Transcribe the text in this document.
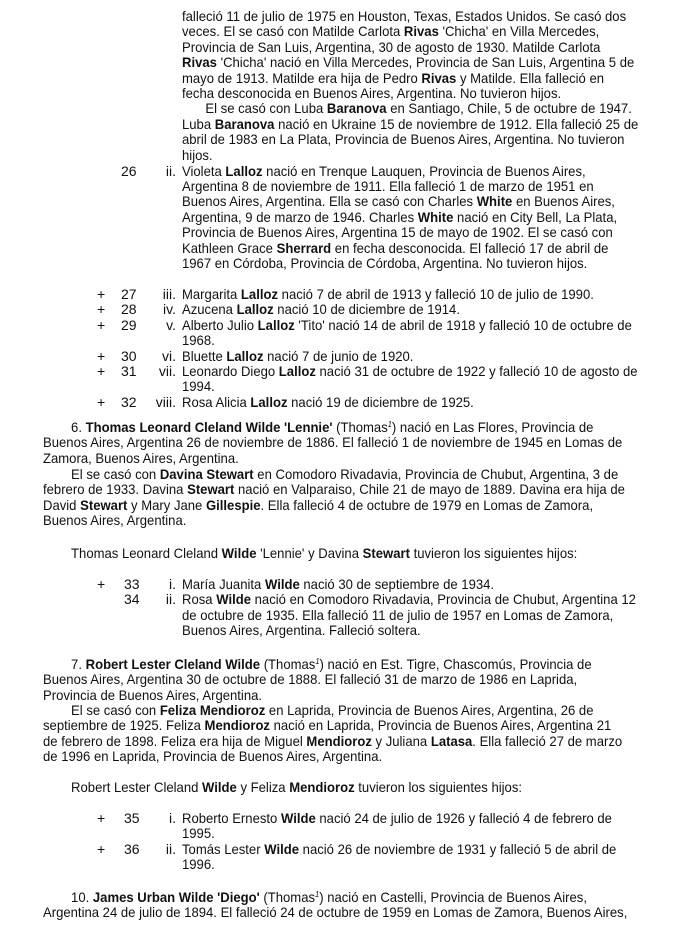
falleció 11 de julio de 1975 en Houston, Texas, Estados Unidos. Se casó dos
veces. El se casó con Matilde Carlota Rivas 'Chicha' en Villa Mercedes,
Provincia de San Luis, Argentina, 30 de agosto de 1930. Matilde Carlota
Rivas 'Chicha' nació en Villa Mercedes, Provincia de San Luis, Argentina 5 de
mayo de 1913. Matilde era hija de Pedro Rivas y Matilde. Ella falleció en
fecha desconocida en Buenos Aires, Argentina. No tuvieron hijos.
El se casó con Luba Baranova en Santiago, Chile, 5 de octubre de 1947.
Luba Baranova nació en Ukraine 15 de noviembre de 1912. Ella falleció 25 de
abril de 1983 en La Plata, Provincia de Buenos Aires, Argentina. No tuvieron
hijos.
26	ii. Violeta Lalloz nació en Trenque Lauquen, Provincia de Buenos Aires,
Argentina 8 de noviembre de 1911. Ella falleció 1 de marzo de 1951 en
Buenos Aires, Argentina. Ella se casó con Charles White en Buenos Aires,
Argentina, 9 de marzo de 1946. Charles White nació en City Bell, La Plata,
Provincia de Buenos Aires, Argentina 15 de mayo de 1902. El se casó con
Kathleen Grace Sherrard en fecha desconocida. El falleció 17 de abril de
1967 en Córdoba, Provincia de Córdoba, Argentina. No tuvieron hijos.
+ 27	iii. Margarita Lalloz nació 7 de abril de 1913 y falleció 10 de julio de 1990.
+ 28	iv. Azucena Lalloz nació 10 de diciembre de 1914.
+ 29	v. Alberto Julio Lalloz 'Tito' nació 14 de abril de 1918 y falleció 10 de octubre de
1968.
+ 30	vi. Bluette Lalloz nació 7 de junio de 1920.
+ 31	vii. Leonardo Diego Lalloz nació 31 de octubre de 1922 y falleció 10 de agosto de
1994.
+ 32	viii. Rosa Alicia Lalloz nació 19 de diciembre de 1925.
6. Thomas Leonard Cleland Wilde 'Lennie' (Thomas$^1$) nació en Las Flores, Provincia de
Buenos Aires, Argentina 26 de noviembre de 1886. El falleció 1 de noviembre de 1945 en Lomas de
Zamora, Buenos Aires, Argentina.
El se casó con Davina Stewart en Comodoro Rivadavia, Provincia de Chubut, Argentina, 3 de
febrero de 1933. Davina Stewart nació en Valparaiso, Chile 21 de mayo de 1889. Davina era hija de
David Stewart y Mary Jane Gillespie. Ella falleció 4 de octubre de 1979 en Lomas de Zamora,
Buenos Aires, Argentina.
Thomas Leonard Cleland Wilde 'Lennie' y Davina Stewart tuvieron los siguientes hijos:
+ 33	i. María Juanita Wilde nació 30 de septiembre de 1934.
34	ii. Rosa Wilde nació en Comodoro Rivadavia, Provincia de Chubut, Argentina 12
de octubre de 1935. Ella falleció 11 de julio de 1957 en Lomas de Zamora,
Buenos Aires, Argentina. Falleció soltera.
7. Robert Lester Cleland Wilde (Thomas$^1$) nació en Est. Tigre, Chascomús, Provincia de
Buenos Aires, Argentina 30 de octubre de 1888. El falleció 31 de marzo de 1986 en Laprida,
Provincia de Buenos Aires, Argentina.
El se casó con Feliza Mendioroz en Laprida, Provincia de Buenos Aires, Argentina, 26 de
septiembre de 1925. Feliza Mendioroz nació en Laprida, Provincia de Buenos Aires, Argentina 21
de febrero de 1898. Feliza era hija de Miguel Mendioroz y Juliana Latasa. Ella falleció 27 de marzo
de 1996 en Laprida, Provincia de Buenos Aires, Argentina.
Robert Lester Cleland Wilde y Feliza Mendioroz tuvieron los siguientes hijos:
+ 35	i. Roberto Ernesto Wilde nació 24 de julio de 1926 y falleció 4 de febrero de
1995.
+ 36	ii. Tomás Lester Wilde nació 26 de noviembre de 1931 y falleció 5 de abril de
1996.
10. James Urban Wilde 'Diego' (Thomas$^1$) nació en Castelli, Provincia de Buenos Aires,
Argentina 24 de julio de 1894. El falleció 24 de octubre de 1959 en Lomas de Zamora, Buenos Aires,
